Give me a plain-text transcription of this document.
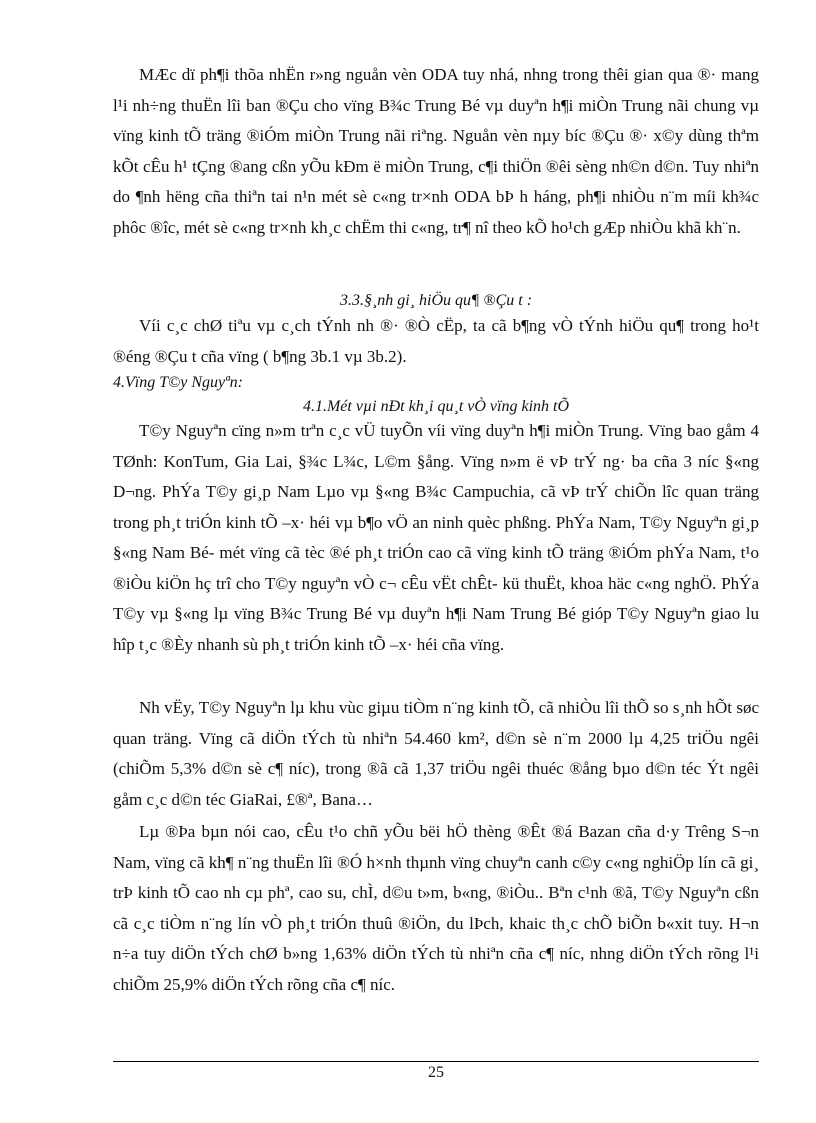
MÆc dï ph¶i thõa nhËn r»ng nguån vèn ODA tuy nhá, nhng trong thêi gian qua ®· mang l¹i nh÷ng thuËn lîi ban ®Çu cho vïng B¾c Trung Bé vµ duyªn h¶i miÒn Trung nãi chung vµ vïng kinh tÕ träng ®iÓm miÒn Trung nãi riªng. Nguån vèn nµy bíc ®Çu ®· x©y dùng thªm kÕt cÊu h¹ tÇng ®ang cßn yÕu kÐm ë miÒn Trung, c¶i thiÖn ®êi sèng nh©n d©n. Tuy nhiªn do ¶nh hëng cña thiªn tai n¹n mét sè c«ng tr×nh ODA bÞ h háng, ph¶i nhiÒu n¨m míi kh¾c phôc ®îc, mét sè c«ng tr×nh kh¸c chËm thi c«ng, tr¶ nî theo kÕ ho¹ch gÆp nhiÒu khã kh¨n.

3.3.§¸nh gi¸ hiÖu qu¶ ®Çu t :

Víi c¸c chØ tiªu vµ c¸ch tÝnh nh ®· ®Ò cËp, ta cã b¶ng vÒ tÝnh hiÖu qu¶ trong ho¹t ®éng ®Çu t cña vïng ( b¶ng 3b.1 vµ 3b.2).

4.Vïng T©y Nguyªn:

4.1.Mét vµi nÐt kh¸i qu¸t vÒ vïng kinh tÕ

T©y Nguyªn cïng n»m trªn c¸c vÜ tuyÕn víi vïng duyªn h¶i miÒn Trung. Vïng bao gåm 4 TØnh: KonTum, Gia Lai, §¾c L¾c, L©m §ång. Vïng n»m ë vÞ trÝ ng· ba cña 3 níc §«ng D¬ng. PhÝa T©y gi¸p Nam Lµo vµ §«ng B¾c Campuchia, cã vÞ trÝ chiÕn lîc quan träng trong ph¸t triÓn kinh tÕ –x· héi vµ b¶o vÖ an ninh quèc phßng. PhÝa Nam, T©y Nguyªn gi¸p §«ng Nam Bé- mét vïng cã tèc ®é ph¸t triÓn cao cã vïng kinh tÕ träng ®iÓm phÝa Nam, t¹o ®iÒu kiÖn hç trî cho T©y nguyªn vÒ c¬ cÊu vËt chÊt- kü thuËt, khoa häc c«ng nghÖ. PhÝa T©y vµ §«ng lµ vïng B¾c Trung Bé vµ duyªn h¶i Nam Trung Bé gióp T©y Nguyªn giao lu hîp t¸c ®Èy nhanh sù ph¸t triÓn kinh tÕ –x· héi cña vïng.

Nh vËy, T©y Nguyªn lµ khu vùc giµu tiÒm n¨ng kinh tÕ, cã nhiÒu lîi thÕ so s¸nh hÕt søc quan träng. Vïng cã diÖn tÝch tù nhiªn 54.460 km², d©n sè n¨m 2000 lµ 4,25 triÖu ngêi (chiÕm 5,3% d©n sè c¶ níc), trong ®ã cã 1,37 triÖu ngêi thuéc ®ång bµo d©n téc Ýt ngêi gåm c¸c d©n téc GiaRai, £®ª, Bana…

Lµ ®Þa bµn nói cao, cÊu t¹o chñ yÕu bëi hÖ thèng ®Êt ®á Bazan cña d·y Trêng S¬n Nam, vïng cã kh¶ n¨ng thuËn lîi ®Ó h×nh thµnh vïng chuyªn canh c©y c«ng nghiÖp lín cã gi¸ trÞ kinh tÕ cao nh cµ phª, cao su, chÌ, d©u t»m, b«ng, ®iÒu.. Bªn c¹nh ®ã, T©y Nguyªn cßn cã c¸c tiÒm n¨ng lín vÒ ph¸t triÓn thuû ®iÖn, du lÞch, khaic th¸c chÕ biÕn b«xit tuy. H¬n n÷a tuy diÖn tÝch chØ b»ng 1,63% diÖn tÝch tù nhiªn cña c¶ níc, nhng diÖn tÝch rõng l¹i chiÕm 25,9% diÖn tÝch rõng cña c¶ níc.

25
